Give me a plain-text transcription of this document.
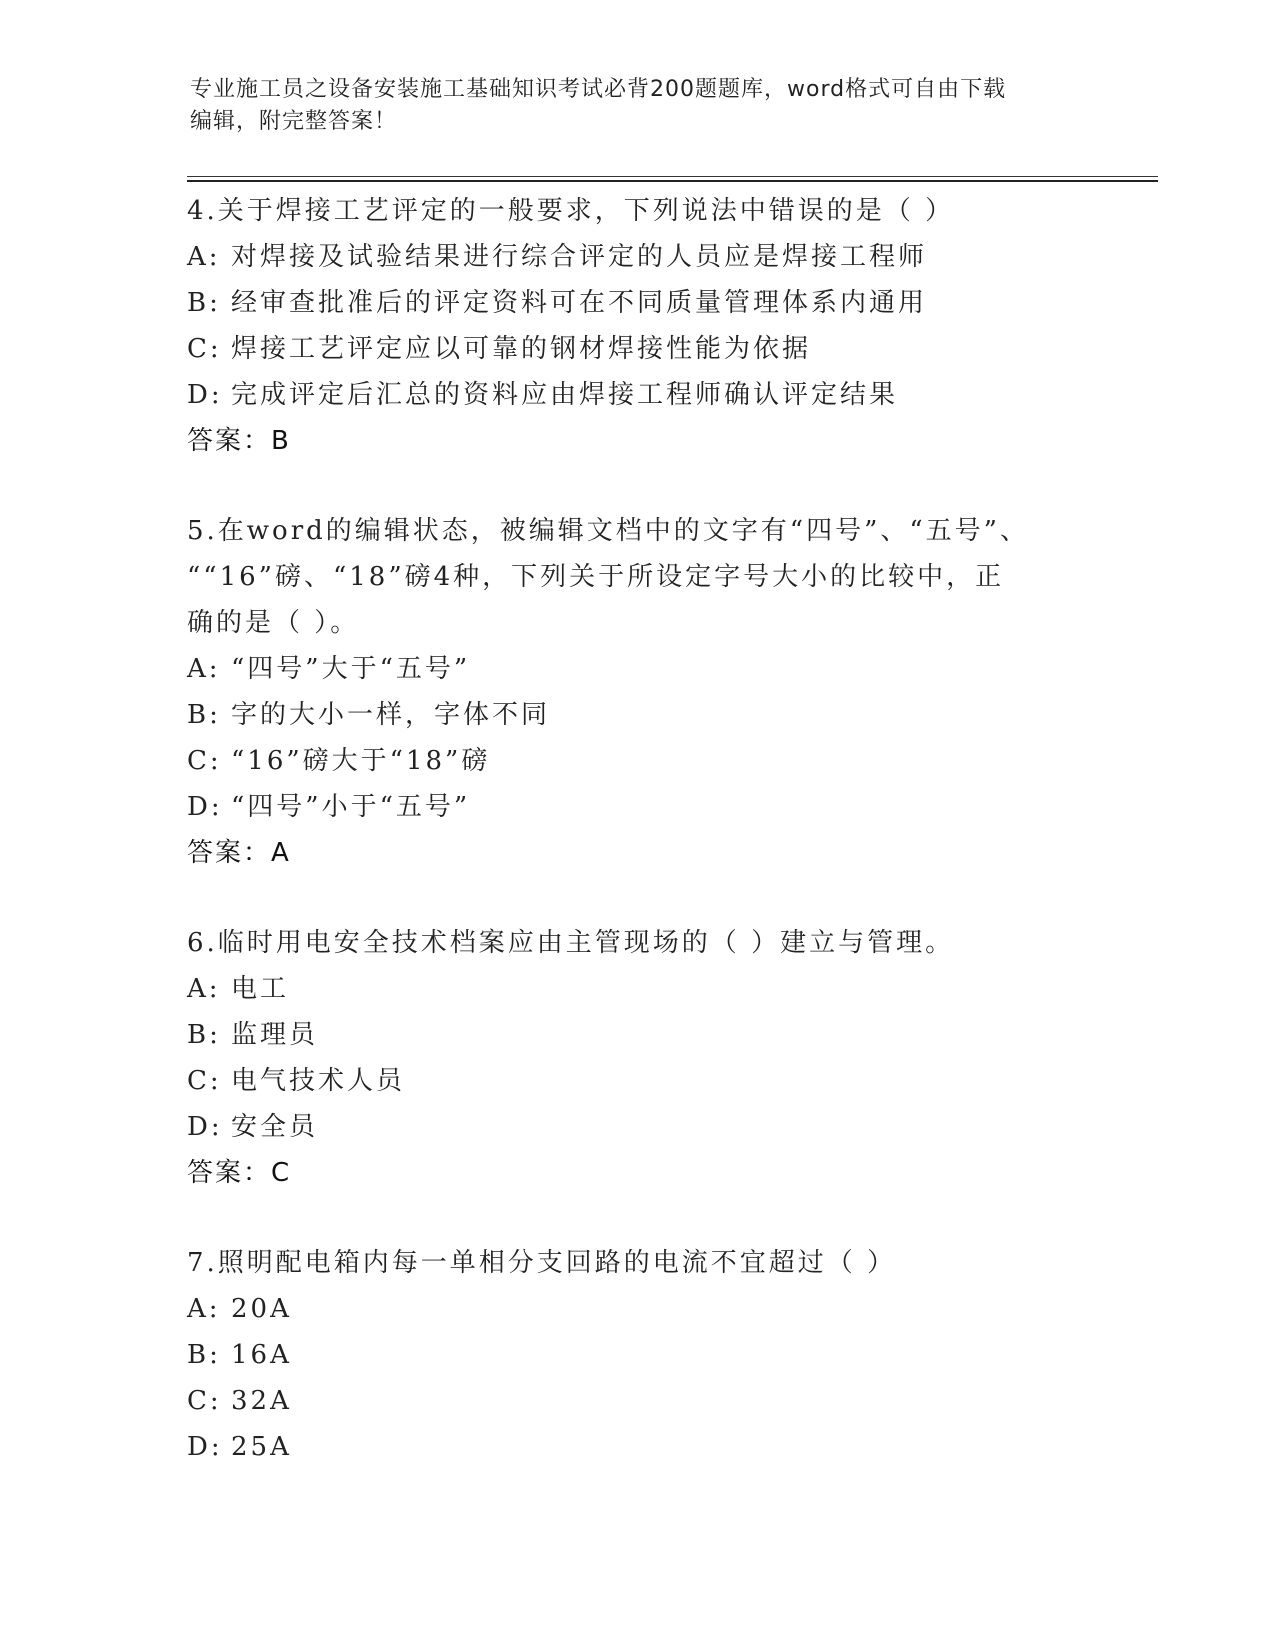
专业施工员之设备安装施工基础知识考试必背200题题库，word格式可自由下载
编辑，附完整答案！
4.关于焊接工艺评定的一般要求，下列说法中错误的是（ ）
A: 对焊接及试验结果进行综合评定的人员应是焊接工程师
B: 经审查批准后的评定资料可在不同质量管理体系内通用
C: 焊接工艺评定应以可靠的钢材焊接性能为依据
D: 完成评定后汇总的资料应由焊接工程师确认评定结果
答案：B
5.在word的编辑状态，被编辑文档中的文字有“四号”、“五号”、
““16”磅、“18”磅4种，下列关于所设定字号大小的比较中，正
确的是（ ）。
A: “四号”大于“五号”
B: 字的大小一样，字体不同
C: “16”磅大于“18”磅
D: “四号”小于“五号”
答案：A
6.临时用电安全技术档案应由主管现场的（ ）建立与管理。
A: 电工
B: 监理员
C: 电气技术人员
D: 安全员
答案：C
7.照明配电箱内每一单相分支回路的电流不宜超过（ ）
A: 20A
B: 16A
C: 32A
D: 25A
